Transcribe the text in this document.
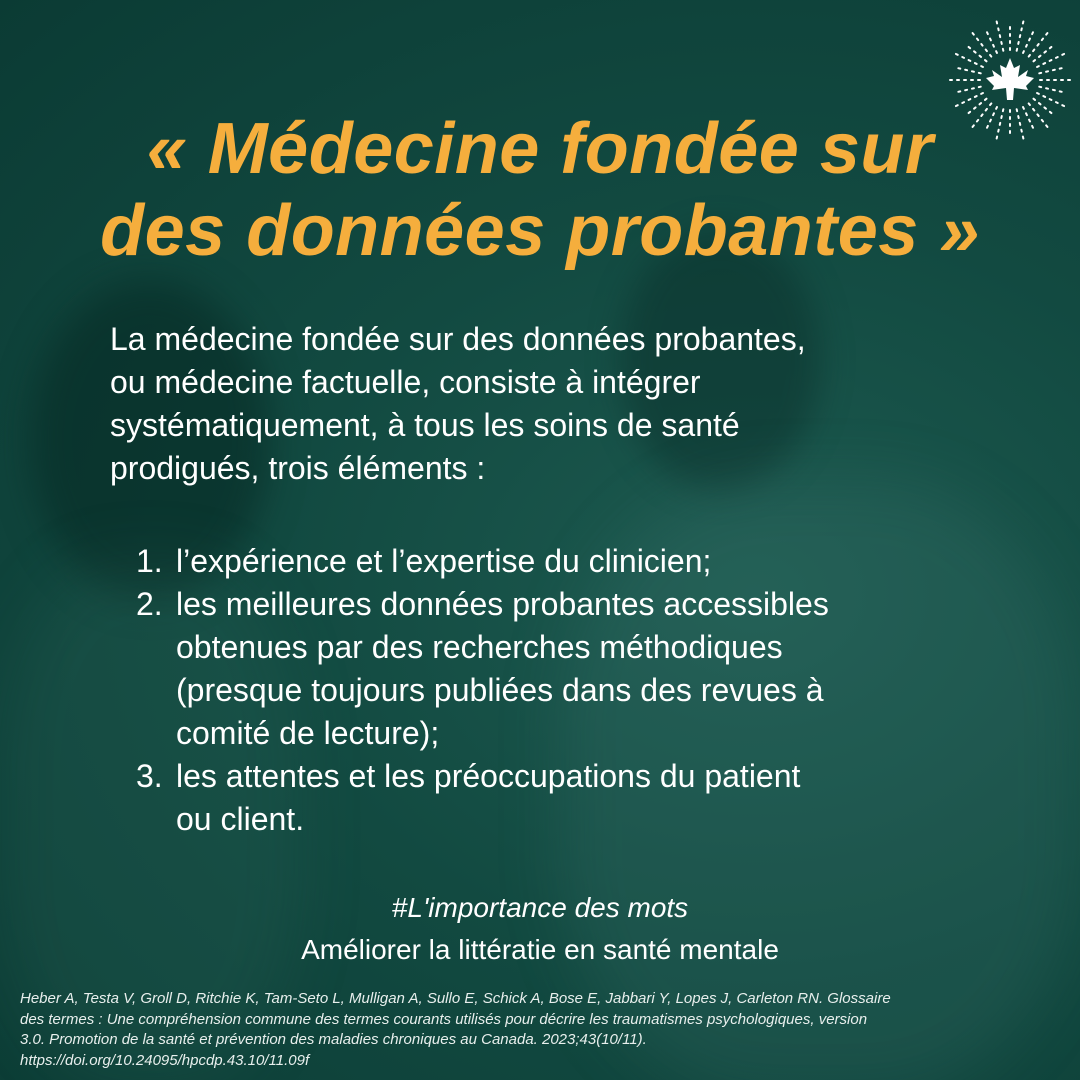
« Médecine fondée sur
des données probantes »
La médecine fondée sur des données probantes,
ou médecine factuelle, consiste à intégrer
systématiquement, à tous les soins de santé
prodigués, trois éléments :
1. l’expérience et l’expertise du clinicien;
2. les meilleures données probantes accessibles
obtenues par des recherches méthodiques
(presque toujours publiées dans des revues à
comité de lecture);
3. les attentes et les préoccupations du patient
ou client.
#L'importance des mots
Améliorer la littératie en santé mentale
Heber A, Testa V, Groll D, Ritchie K, Tam-Seto L, Mulligan A, Sullo E, Schick A, Bose E, Jabbari Y, Lopes J, Carleton RN. Glossaire
des termes : Une compréhension commune des termes courants utilisés pour décrire les traumatismes psychologiques, version
3.0. Promotion de la santé et prévention des maladies chroniques au Canada. 2023;43(10/11).
https://doi.org/10.24095/hpcdp.43.10/11.09f
